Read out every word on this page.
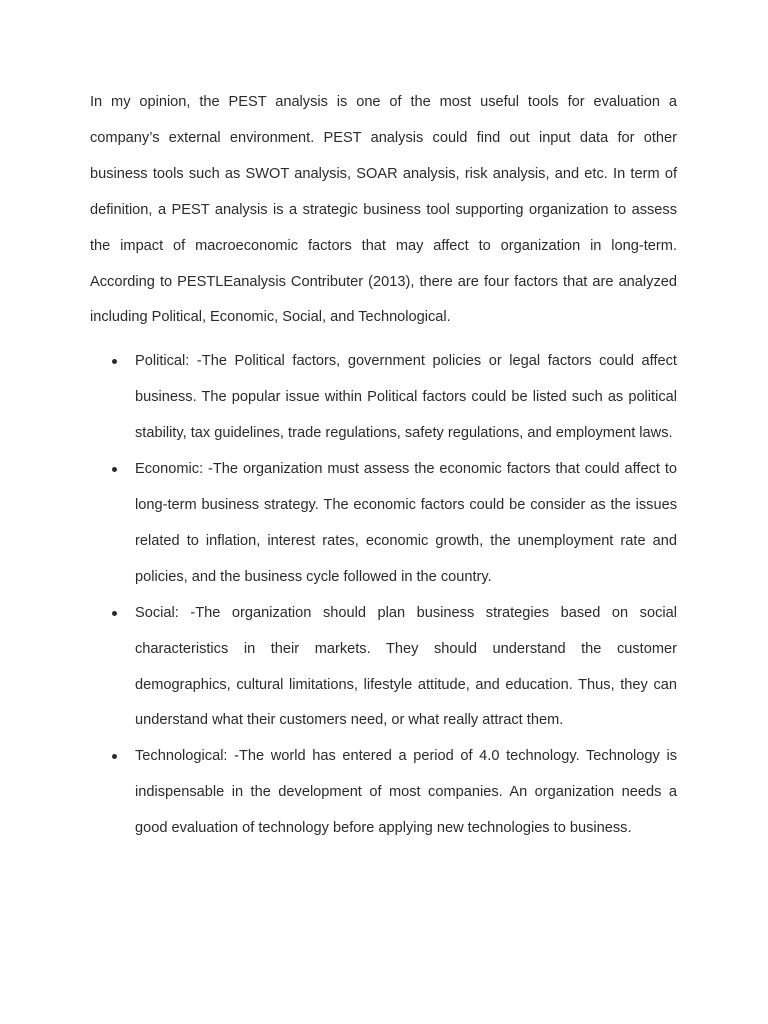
In my opinion, the PEST analysis is one of the most useful tools for evaluation a company’s external environment. PEST analysis could find out input data for other business tools such as SWOT analysis, SOAR analysis, risk analysis, and etc. In term of definition, a PEST analysis is a strategic business tool supporting organization to assess the impact of macroeconomic factors that may affect to organization in long-term. According to PESTLEanalysis Contributer (2013), there are four factors that are analyzed including Political, Economic, Social, and Technological.

Political: -The Political factors, government policies or legal factors could affect business. The popular issue within Political factors could be listed such as political stability, tax guidelines, trade regulations, safety regulations, and employment laws.
Economic: -The organization must assess the economic factors that could affect to long-term business strategy. The economic factors could be consider as the issues related to inflation, interest rates, economic growth, the unemployment rate and policies, and the business cycle followed in the country.
Social: -The organization should plan business strategies based on social characteristics in their markets. They should understand the customer demographics, cultural limitations, lifestyle attitude, and education. Thus, they can understand what their customers need, or what really attract them.
Technological: -The world has entered a period of 4.0 technology. Technology is indispensable in the development of most companies. An organization needs a good evaluation of technology before applying new technologies to business.
